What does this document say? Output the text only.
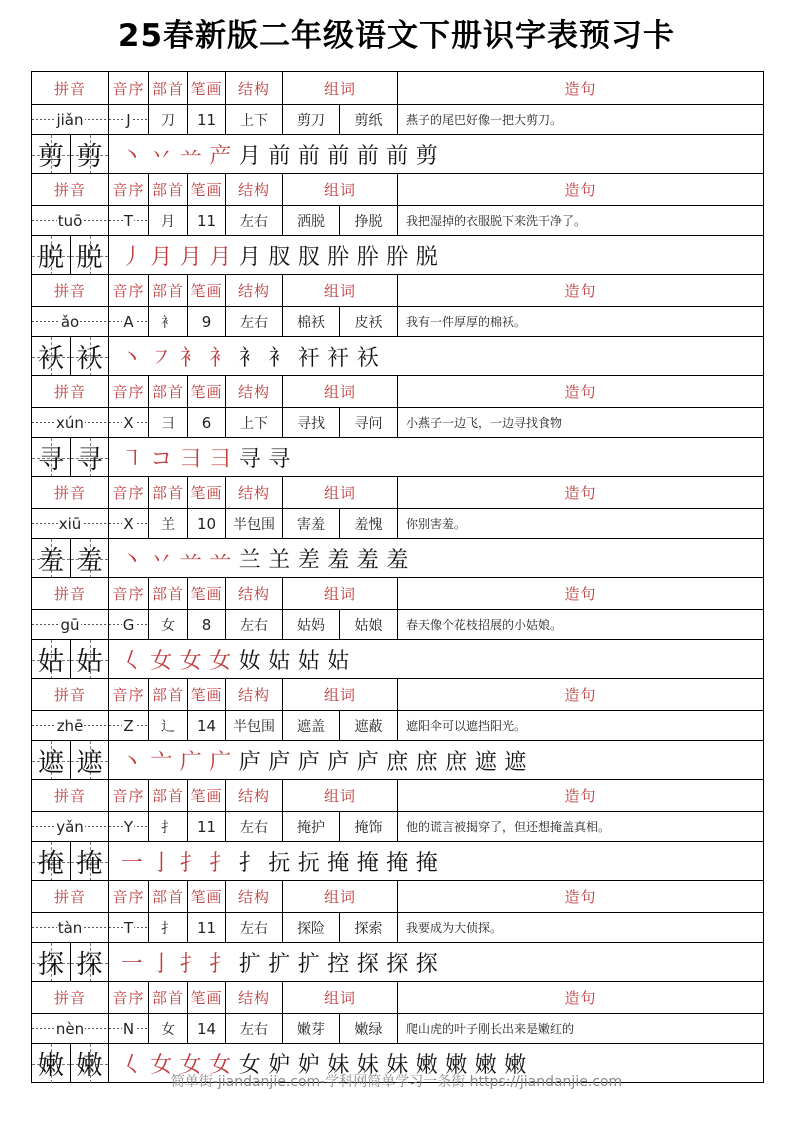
25春新版二年级语文下册识字表预习卡
拼音	音序 部首 笔画	结构	组词	造句
jiǎn	J	刀	11	上下	剪刀	剪纸	燕子的尾巴好像一把大剪刀。
剪 剪 丶 丷 䒑 产 月 前 前 前 前 前 剪
拼音	音序 部首 笔画	结构	组词	造句
tuō	T	月	11	左右	洒脱	挣脱	我把湿掉的衣服脱下来洗干净了。
脱 脱 丿 月 月 月 月 肞 肞 肸 肸 肸 脱
拼音	音序 部首 笔画	结构	组词	造句
ǎo	A	衤	9	左右	棉袄	皮袄	我有一件厚厚的棉袄。
袄 袄 丶 ㇇ 衤 衤 衤 衤 衦 衦 袄
拼音	音序 部首 笔画	结构	组词	造句
xún	X	彐	6	上下	寻找	寻问	小燕子一边飞，一边寻找食物
寻 寻 ㇕ コ 彐 彐 寻 寻
拼音	音序 部首 笔画	结构	组词	造句
xiū	X	𦍌	10	半包围	害羞	羞愧	你别害羞。
羞 羞 丶 丷 䒑 䒑 兰 𦍌 差 羞 羞 羞
拼音	音序 部首 笔画	结构	组词	造句
gū	G	女	8	左右	姑妈	姑娘	春天像个花枝招展的小姑娘。
姑 姑 𡿨 女 女 女 奻 姑 姑 姑
拼音	音序 部首 笔画	结构	组词	造句
zhē	Z	辶	14	半包围	遮盖	遮蔽	遮阳伞可以遮挡阳光。
遮 遮 丶 亠 广 广 庐 庐 庐 庐 庐 庶 庶 庶 遮 遮
拼音	音序 部首 笔画	结构	组词	造句
yǎn	Y	扌	11	左右	掩护	掩饰	他的谎言被揭穿了，但还想掩盖真相。
掩 掩 一 亅 扌 扌 扌 抏 抏 掩 掩 掩 掩
拼音	音序 部首 笔画	结构	组词	造句
tàn	T	扌	11	左右	探险	探索	我要成为大侦探。
探 探 一 亅 扌 扌 扩 扩 扩 控 探 探 探
拼音	音序 部首 笔画	结构	组词	造句
nèn	N	女	14	左右	嫩芽	嫩绿	爬山虎的叶子刚长出来是嫩红的
嫩 嫩 𡿨 女 女 女 女 妒 妒 妹 妹 妹 嫩 嫩 嫩 嫩
简单街-jiandanjie.com-学科网简单学习一条街 https://jiandanjie.com
